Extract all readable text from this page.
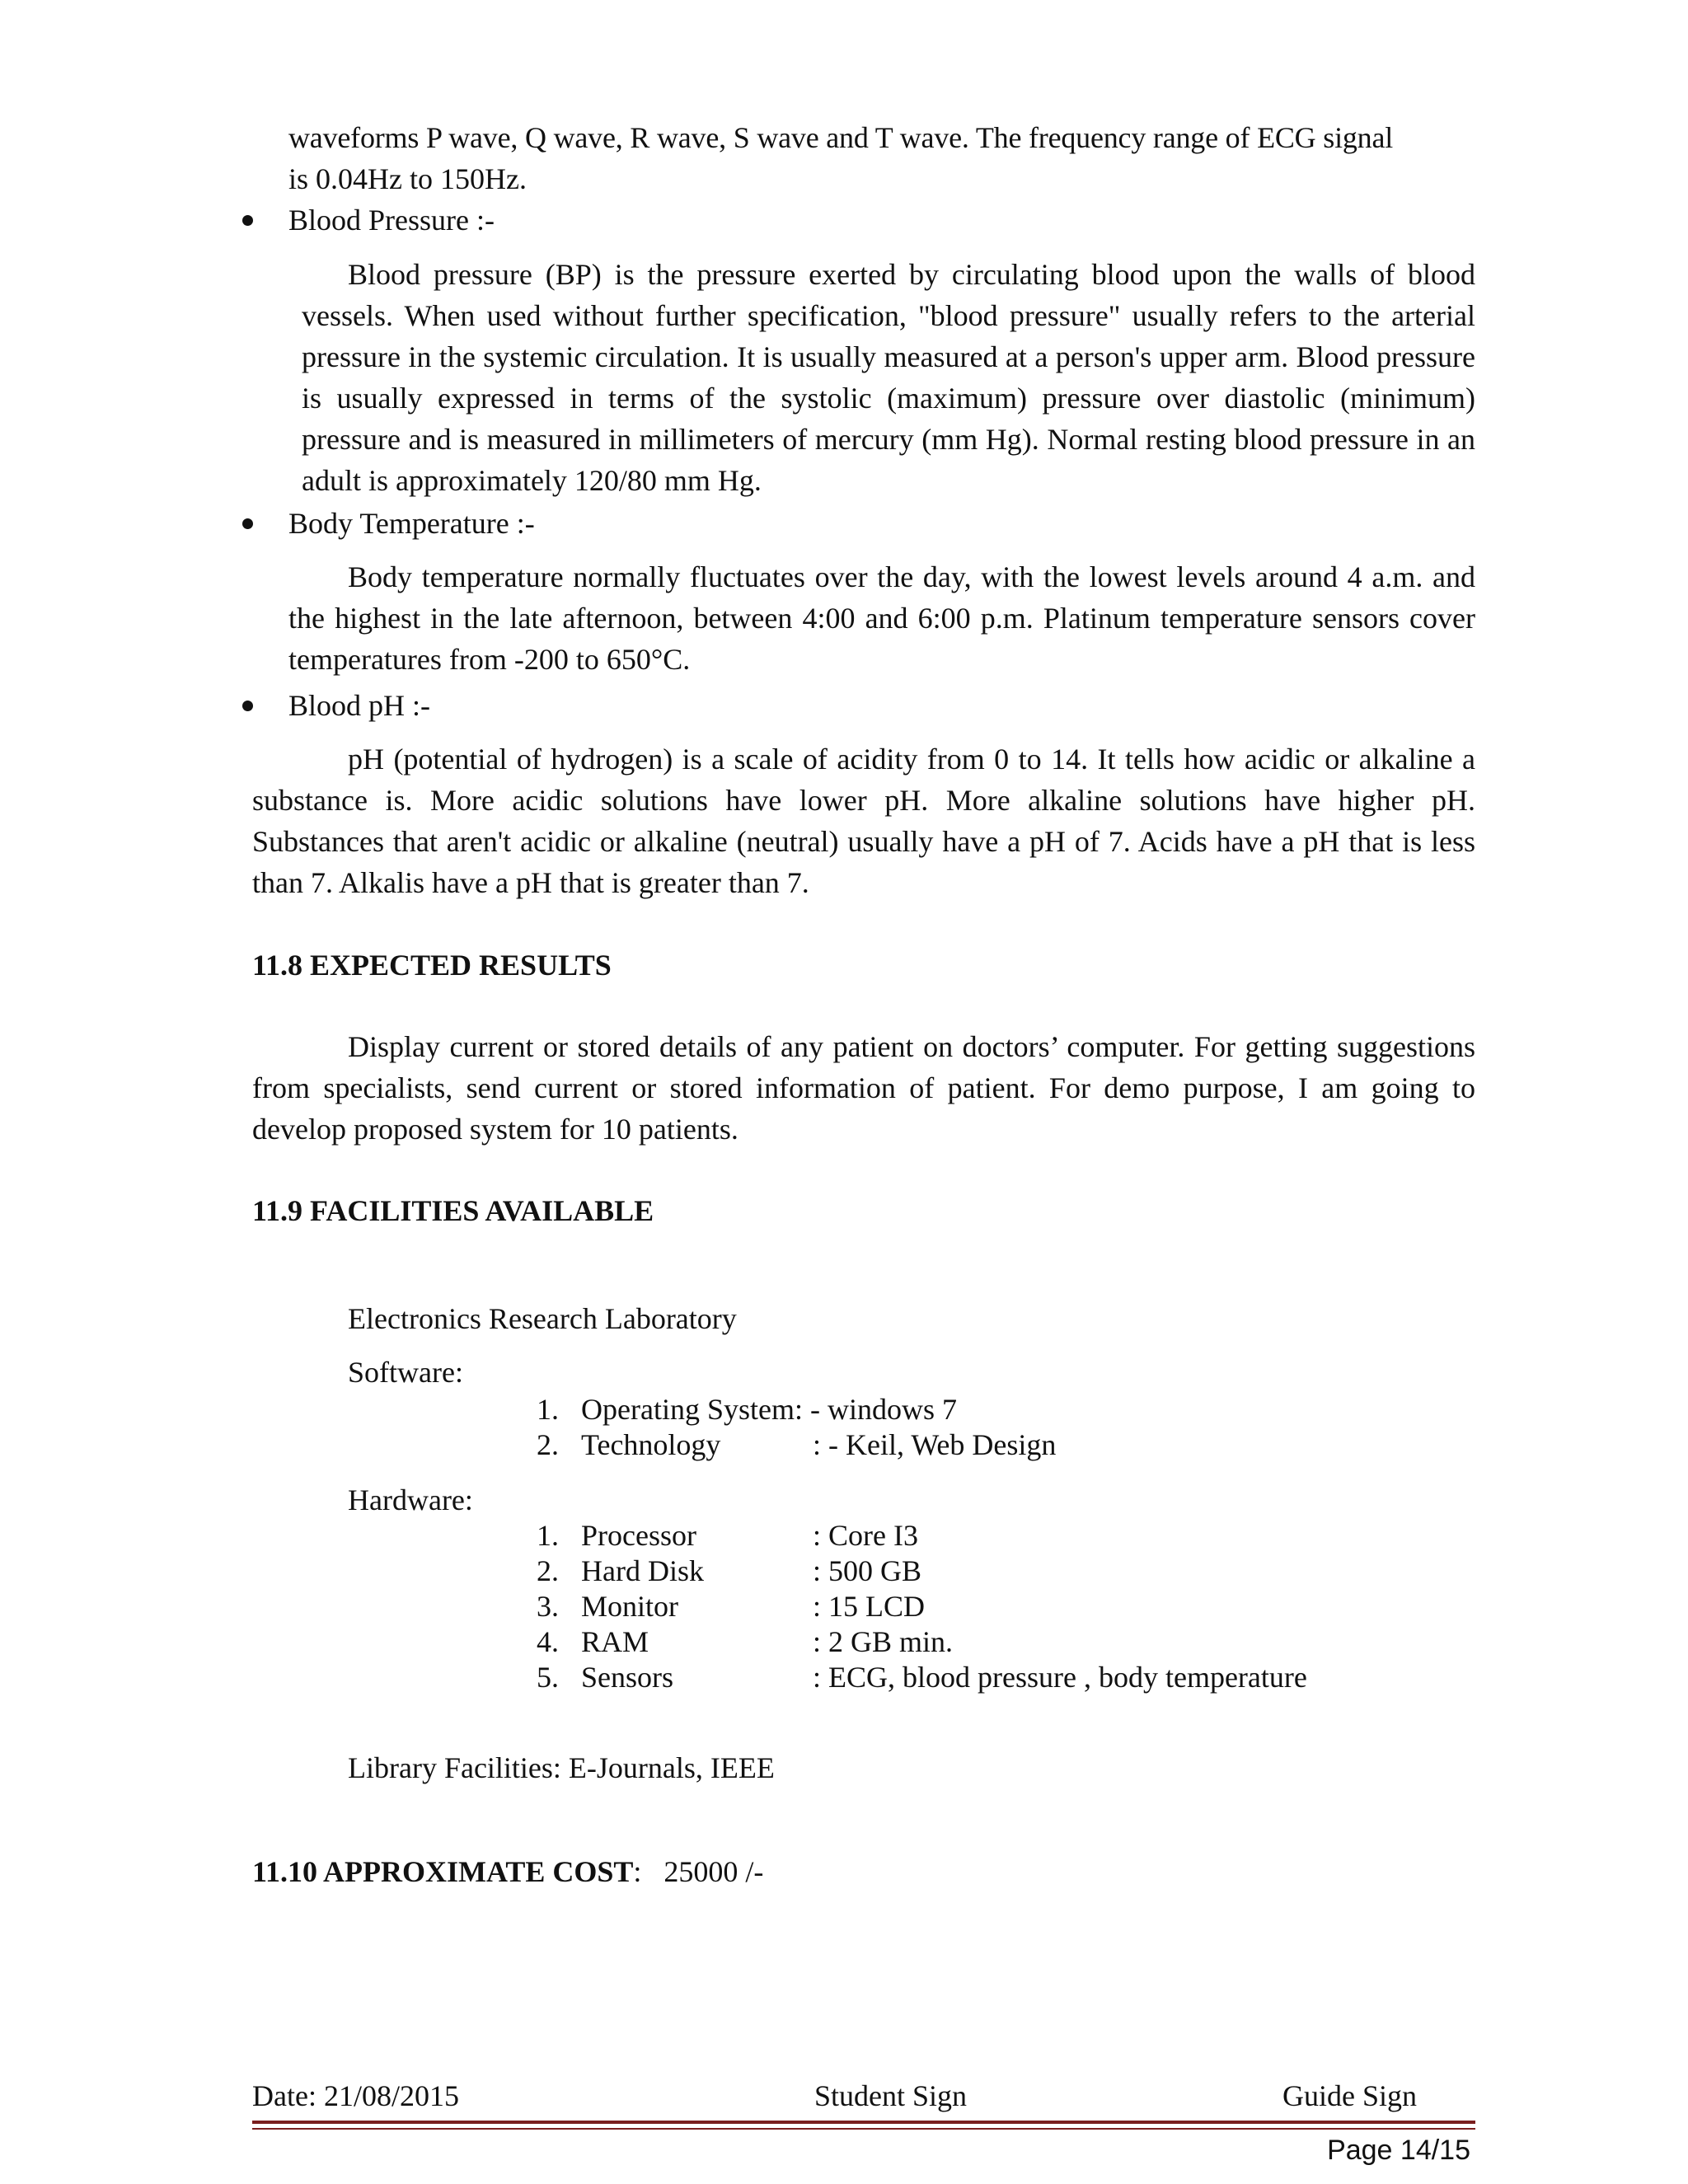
waveforms P wave, Q wave, R wave, S wave and T wave. The frequency range of ECG signal
is 0.04Hz to 150Hz.
Blood Pressure :-

Blood pressure (BP) is the pressure exerted by circulating blood upon the walls of blood vessels. When used without further specification, "blood pressure" usually refers to the arterial pressure in the systemic circulation. It is usually measured at a person's upper arm. Blood pressure is usually expressed in terms of the systolic (maximum) pressure over diastolic (minimum) pressure and is measured in millimeters of mercury (mm Hg). Normal resting blood pressure in an adult is approximately 120/80 mm Hg.

Body Temperature :-

Body temperature normally fluctuates over the day, with the lowest levels around 4 a.m. and the highest in the late afternoon, between 4:00 and 6:00 p.m. Platinum temperature sensors cover temperatures from -200 to 650°C.

Blood pH :-

pH (potential of hydrogen) is a scale of acidity from 0 to 14. It tells how acidic or alkaline a substance is. More acidic solutions have lower pH. More alkaline solutions have higher pH. Substances that aren't acidic or alkaline (neutral) usually have a pH of 7. Acids have a pH that is less than 7. Alkalis have a pH that is greater than 7.

11.8 EXPECTED RESULTS

Display current or stored details of any patient on doctors’ computer. For getting suggestions from specialists, send current or stored information of patient. For demo purpose, I am going to develop proposed system for 10 patients.

11.9 FACILITIES AVAILABLE
Electronics Research Laboratory
Software:
1. Operating System: - windows 7
2. Technology	: - Keil, Web Design
Hardware:
1. Processor	: Core I3
2. Hard Disk	: 500 GB
3. Monitor	: 15 LCD
4. RAM	: 2 GB min.
5. Sensors	: ECG, blood pressure , body temperature
Library Facilities: E-Journals, IEEE
11.10 APPROXIMATE COST: 25000 /-
Date: 21/08/2015	Student Sign	Guide Sign
Page 14/15
